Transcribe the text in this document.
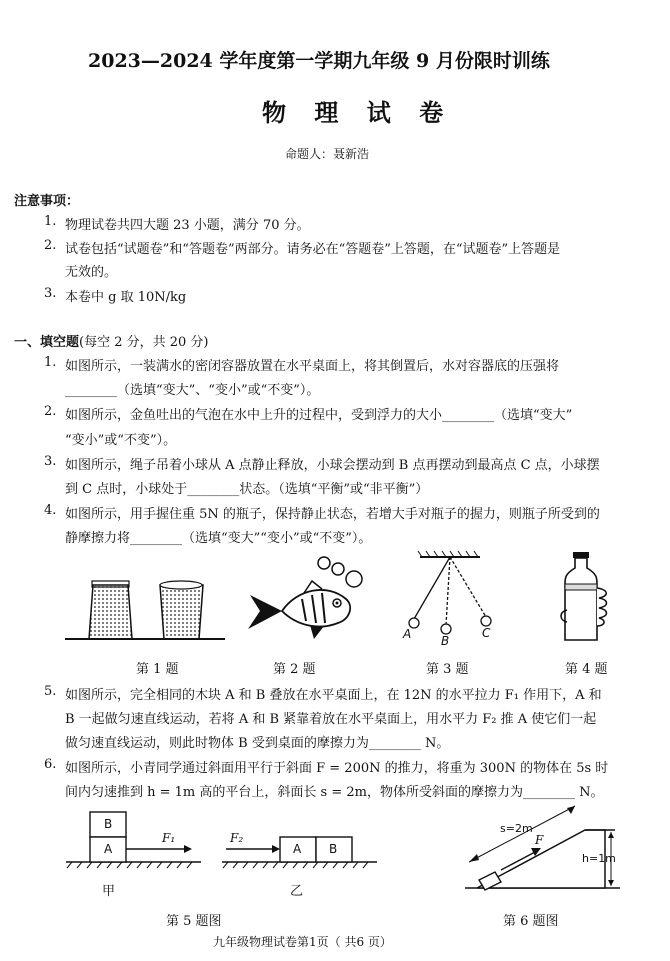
2023—2024 学年度第一学期九年级 9 月份限时训练
物 理 试 卷
命题人：聂新浩
注意事项：
1. 物理试卷共四大题 23 小题，满分 70 分。
2. 试卷包括“试题卷”和“答题卷”两部分。请务必在“答题卷”上答题，在“试题卷”上答题是
无效的。
3. 本卷中 g 取 10N/kg
一、填空题(每空 2 分，共 20 分)
1. 如图所示，一装满水的密闭容器放置在水平桌面上，将其倒置后，水对容器底的压强将
________（选填“变大”、“变小”或“不变”）。
2. 如图所示，金鱼吐出的气泡在水中上升的过程中，受到浮力的大小________（选填“变大”
“变小”或“不变”）。
3. 如图所示，绳子吊着小球从 A 点静止释放，小球会摆动到 B 点再摆动到最高点 C 点，小球摆
到 C 点时，小球处于________状态。（选填“平衡”或“非平衡”）
4. 如图所示，用手握住重 5N 的瓶子，保持静止状态，若增大手对瓶子的握力，则瓶子所受到的
静摩擦力将________（选填“变大”“变小”或“不变”）。
A B
C
第 1 题	第 2 题	第 3 题	第 4 题
5. 如图所示，完全相同的木块 A 和 B 叠放在水平桌面上，在 12N 的水平拉力 F₁ 作用下，A 和
B 一起做匀速直线运动，若将 A 和 B 紧靠着放在水平桌面上，用水平力 F₂ 推 A 使它们一起
做匀速直线运动，则此时物体 B 受到桌面的摩擦力为________ N。
6. 如图所示，小青同学通过斜面用平行于斜面 F = 200N 的推力，将重为 300N 的物体在 5s 时
间内匀速推到 h = 1m 高的平台上，斜面长 s = 2m，物体所受斜面的摩擦力为________ N。
B
A
F₁
甲
F₂
A B
乙
第 5 题图
s=2m
F
h=1m
第 6 题图
九年级物理试卷第1页（ 共6 页）
